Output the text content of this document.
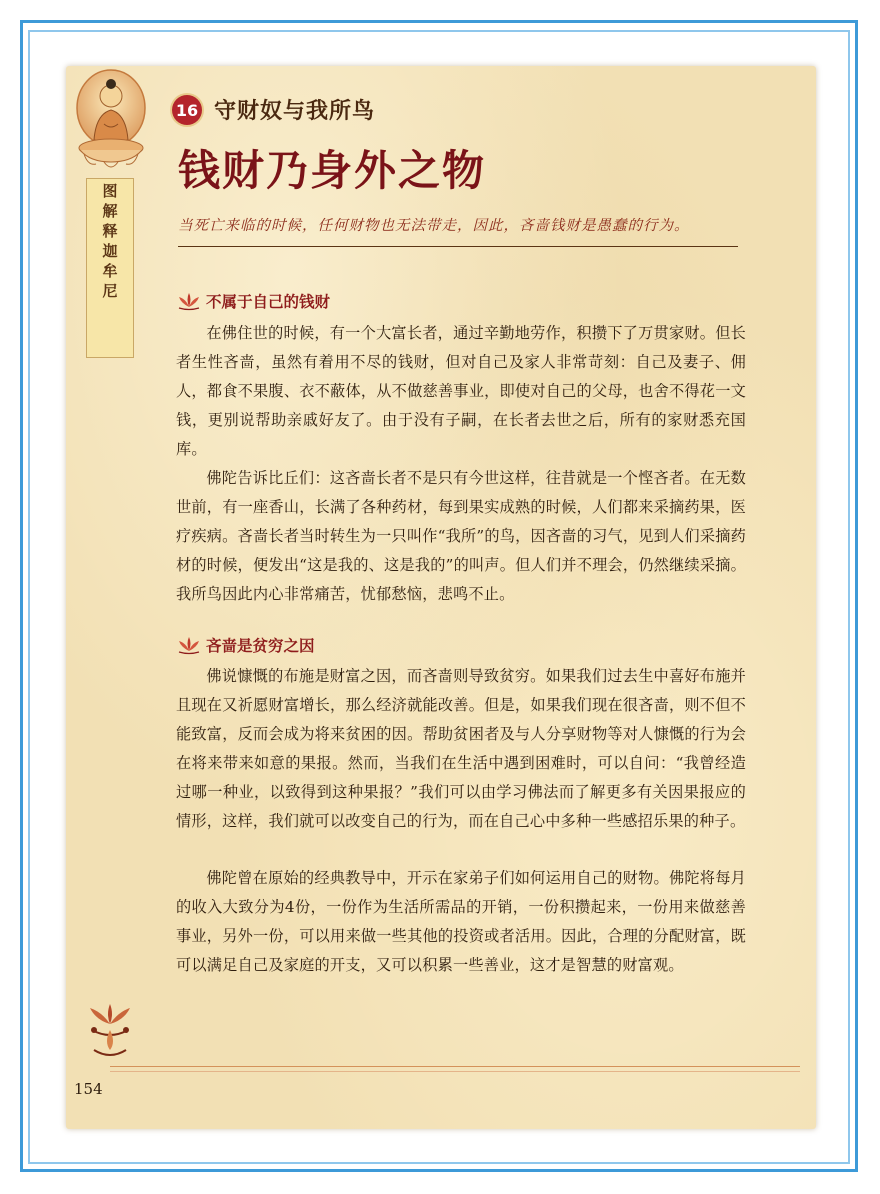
图解释迦牟尼
16 守财奴与我所鸟
钱财乃身外之物
当死亡来临的时候，任何财物也无法带走，因此，吝啬钱财是愚蠢的行为。
不属于自己的钱财

在佛住世的时候，有一个大富长者，通过辛勤地劳作，积攒下了万贯家财。但长者生性吝啬，虽然有着用不尽的钱财，但对自己及家人非常苛刻：自己及妻子、佣人，都食不果腹、衣不蔽体，从不做慈善事业，即使对自己的父母，也舍不得花一文钱，更别说帮助亲戚好友了。由于没有子嗣，在长者去世之后，所有的家财悉充国库。

佛陀告诉比丘们：这吝啬长者不是只有今世这样，往昔就是一个悭吝者。在无数世前，有一座香山，长满了各种药材，每到果实成熟的时候，人们都来采摘药果，医疗疾病。吝啬长者当时转生为一只叫作“我所”的鸟，因吝啬的习气，见到人们采摘药材的时候，便发出“这是我的、这是我的”的叫声。但人们并不理会，仍然继续采摘。我所鸟因此内心非常痛苦，忧郁愁恼，悲鸣不止。

吝啬是贫穷之因

佛说慷慨的布施是财富之因，而吝啬则导致贫穷。如果我们过去生中喜好布施并且现在又祈愿财富增长，那么经济就能改善。但是，如果我们现在很吝啬，则不但不能致富，反而会成为将来贫困的因。帮助贫困者及与人分享财物等对人慷慨的行为会在将来带来如意的果报。然而，当我们在生活中遇到困难时，可以自问：“我曾经造过哪一种业，以致得到这种果报？”我们可以由学习佛法而了解更多有关因果报应的情形，这样，我们就可以改变自己的行为，而在自己心中多种一些感招乐果的种子。

佛陀曾在原始的经典教导中，开示在家弟子们如何运用自己的财物。佛陀将每月的收入大致分为4份，一份作为生活所需品的开销，一份积攒起来，一份用来做慈善事业，另外一份，可以用来做一些其他的投资或者活用。因此，合理的分配财富，既可以满足自己及家庭的开支，又可以积累一些善业，这才是智慧的财富观。

154
